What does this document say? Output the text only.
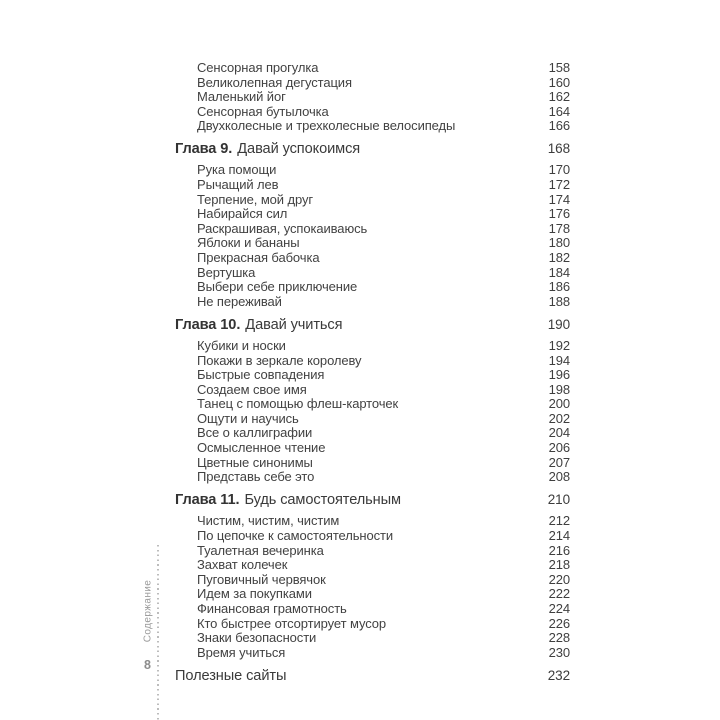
Содержание
8
Сенсорная прогулка	158
Великолепная дегустация	160
Маленький йог	162
Сенсорная бутылочка	164
Двухколесные и трехколесные велосипеды	166
Глава 9. Давай успокоимся	168
Рука помощи	170
Рычащий лев	172
Терпение, мой друг	174
Набирайся сил	176
Раскрашивая, успокаиваюсь	178
Яблоки и бананы	180
Прекрасная бабочка	182
Вертушка	184
Выбери себе приключение	186
Не переживай	188
Глава 10. Давай учиться	190
Кубики и носки	192
Покажи в зеркале королеву	194
Быстрые совпадения	196
Создаем свое имя	198
Танец с помощью флеш-карточек	200
Ощути и научись	202
Все о каллиграфии	204
Осмысленное чтение	206
Цветные синонимы	207
Представь себе это	208
Глава 11. Будь самостоятельным	210
Чистим, чистим, чистим	212
По цепочке к самостоятельности	214
Туалетная вечеринка	216
Захват колечек	218
Пуговичный червячок	220
Идем за покупками	222
Финансовая грамотность	224
Кто быстрее отсортирует мусор	226
Знаки безопасности	228
Время учиться	230
Полезные сайты	232
